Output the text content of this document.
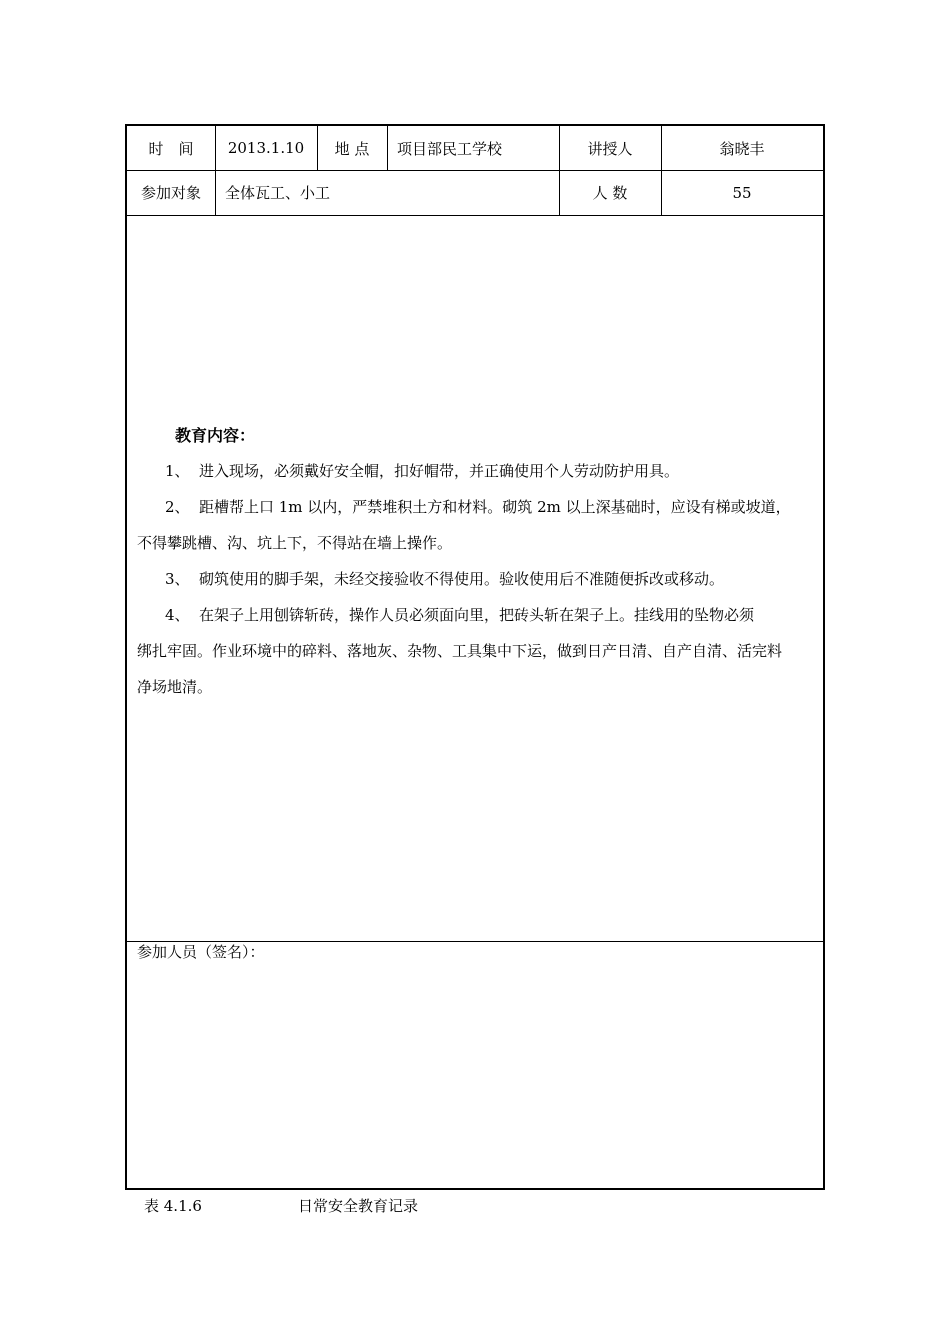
时　间	2013.1.10	地 点	项目部民工学校	讲授人	翁晓丰
参加对象	全体瓦工、小工	人 数	55
教育内容：
1、 进入现场，必须戴好安全帽，扣好帽带，并正确使用个人劳动防护用具。
2、 距槽帮上口 1m 以内，严禁堆积土方和材料。砌筑 2m 以上深基础时，应设有梯或坡道，
不得攀跳槽、沟、坑上下，不得站在墙上操作。
3、 砌筑使用的脚手架，未经交接验收不得使用。验收使用后不准随便拆改或移动。
4、 在架子上用刨锛斩砖，操作人员必须面向里，把砖头斩在架子上。挂线用的坠物必须
绑扎牢固。作业环境中的碎料、落地灰、杂物、工具集中下运，做到日产日清、自产自清、活完料
净场地清。
参加人员（签名）：
表 4.1.6	日常安全教育记录
